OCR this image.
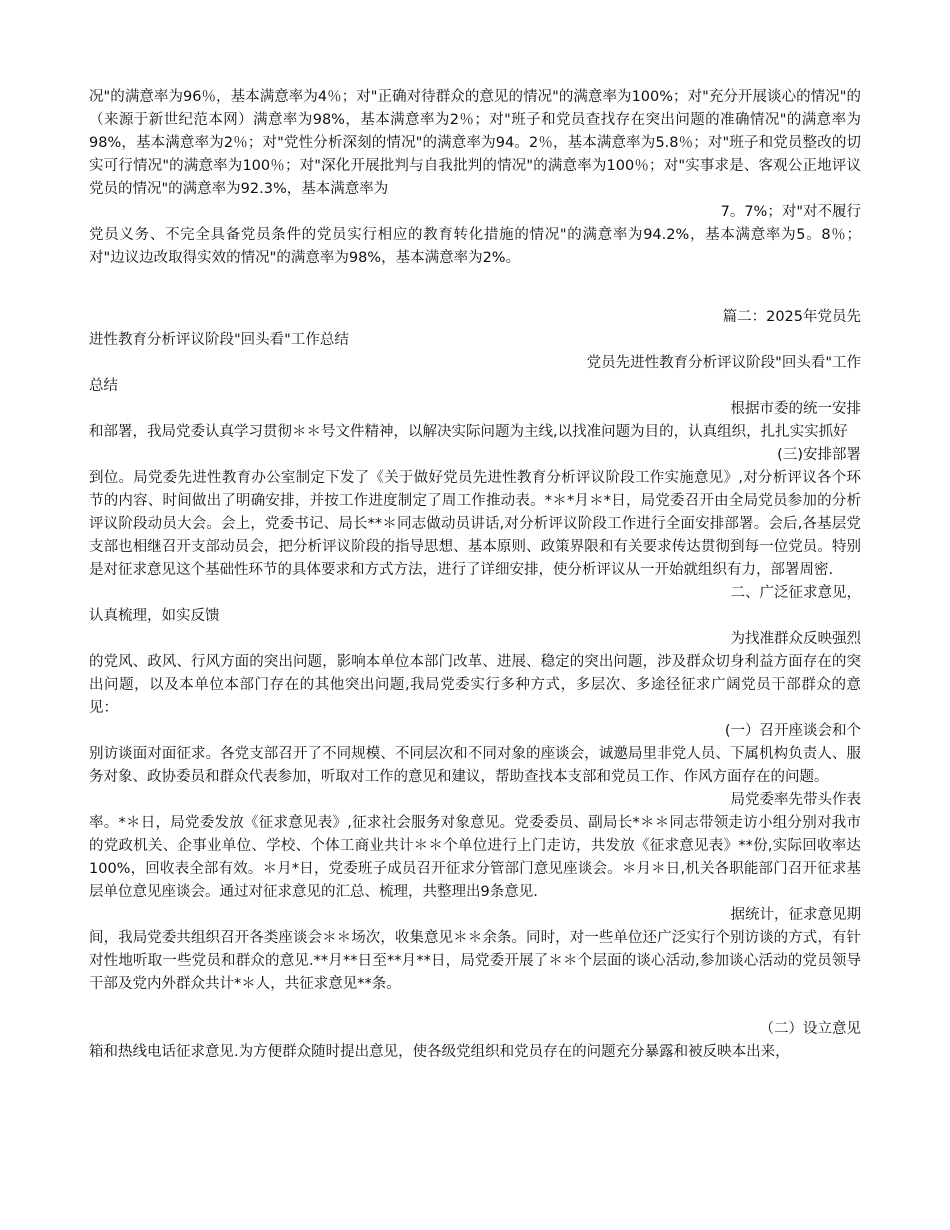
况"的满意率为96％，基本满意率为4％；对"正确对待群众的意见的情况"的满意率为100%；对"充分开展谈心的情况"的（来源于新世纪范本网）满意率为98%，基本满意率为2％；对"班子和党员查找存在突出问题的准确情况"的满意率为98%，基本满意率为2％；对"党性分析深刻的情况"的满意率为94。2％，基本满意率为5.8％；对"班子和党员整改的切实可行情况"的满意率为100％；对"深化开展批判与自我批判的情况"的满意率为100％；对"实事求是、客观公正地评议党员的情况"的满意率为92.3%，基本满意率为
7。7%；对"对不履行
党员义务、不完全具备党员条件的党员实行相应的教育转化措施的情况"的满意率为94.2%，基本满意率为5。8％；对"边议边改取得实效的情况"的满意率为98%，基本满意率为2%。
篇二：2025年党员先
进性教育分析评议阶段"回头看"工作总结
党员先进性教育分析评议阶段"回头看"工作
总结
根据市委的统一安排
和部署，我局党委认真学习贯彻＊＊号文件精神，以解决实际问题为主线,以找准问题为目的，认真组织，扎扎实实抓好
(三)安排部署
到位。局党委先进性教育办公室制定下发了《关于做好党员先进性教育分析评议阶段工作实施意见》,对分析评议各个环节的内容、时间做出了明确安排，并按工作进度制定了周工作推动表。*＊*月＊*日，局党委召开由全局党员参加的分析评议阶段动员大会。会上，党委书记、局长**＊同志做动员讲话,对分析评议阶段工作进行全面安排部署。会后,各基层党支部也相继召开支部动员会，把分析评议阶段的指导思想、基本原则、政策界限和有关要求传达贯彻到每一位党员。特别是对征求意见这个基础性环节的具体要求和方式方法，进行了详细安排，使分析评议从一开始就组织有力，部署周密.
二、广泛征求意见，
认真梳理，如实反馈
为找准群众反映强烈
的党风、政风、行风方面的突出问题，影响本单位本部门改革、进展、稳定的突出问题，涉及群众切身利益方面存在的突出问题，以及本单位本部门存在的其他突出问题,我局党委实行多种方式，多层次、多途径征求广阔党员干部群众的意见：
(一）召开座谈会和个
别访谈面对面征求。各党支部召开了不同规模、不同层次和不同对象的座谈会，诚邀局里非党人员、下属机构负责人、服务对象、政协委员和群众代表参加，听取对工作的意见和建议，帮助查找本支部和党员工作、作风方面存在的问题。
局党委率先带头作表
率。*＊日，局党委发放《征求意见表》,征求社会服务对象意见。党委委员、副局长*＊＊同志带领走访小组分别对我市的党政机关、企事业单位、学校、个体工商业共计＊＊个单位进行上门走访，共发放《征求意见表》**份,实际回收率达100%，回收表全部有效。＊月*日，党委班子成员召开征求分管部门意见座谈会。＊月＊日,机关各职能部门召开征求基层单位意见座谈会。通过对征求意见的汇总、梳理，共整理出9条意见.
据统计，征求意见期
间，我局党委共组织召开各类座谈会＊＊场次，收集意见＊＊余条。同时，对一些单位还广泛实行个别访谈的方式，有针对性地听取一些党员和群众的意见.**月**日至**月**日，局党委开展了＊＊个层面的谈心活动,参加谈心活动的党员领导干部及党内外群众共计*＊人，共征求意见**条。
（二）设立意见
箱和热线电话征求意见.为方便群众随时提出意见，使各级党组织和党员存在的问题充分暴露和被反映本出来，
